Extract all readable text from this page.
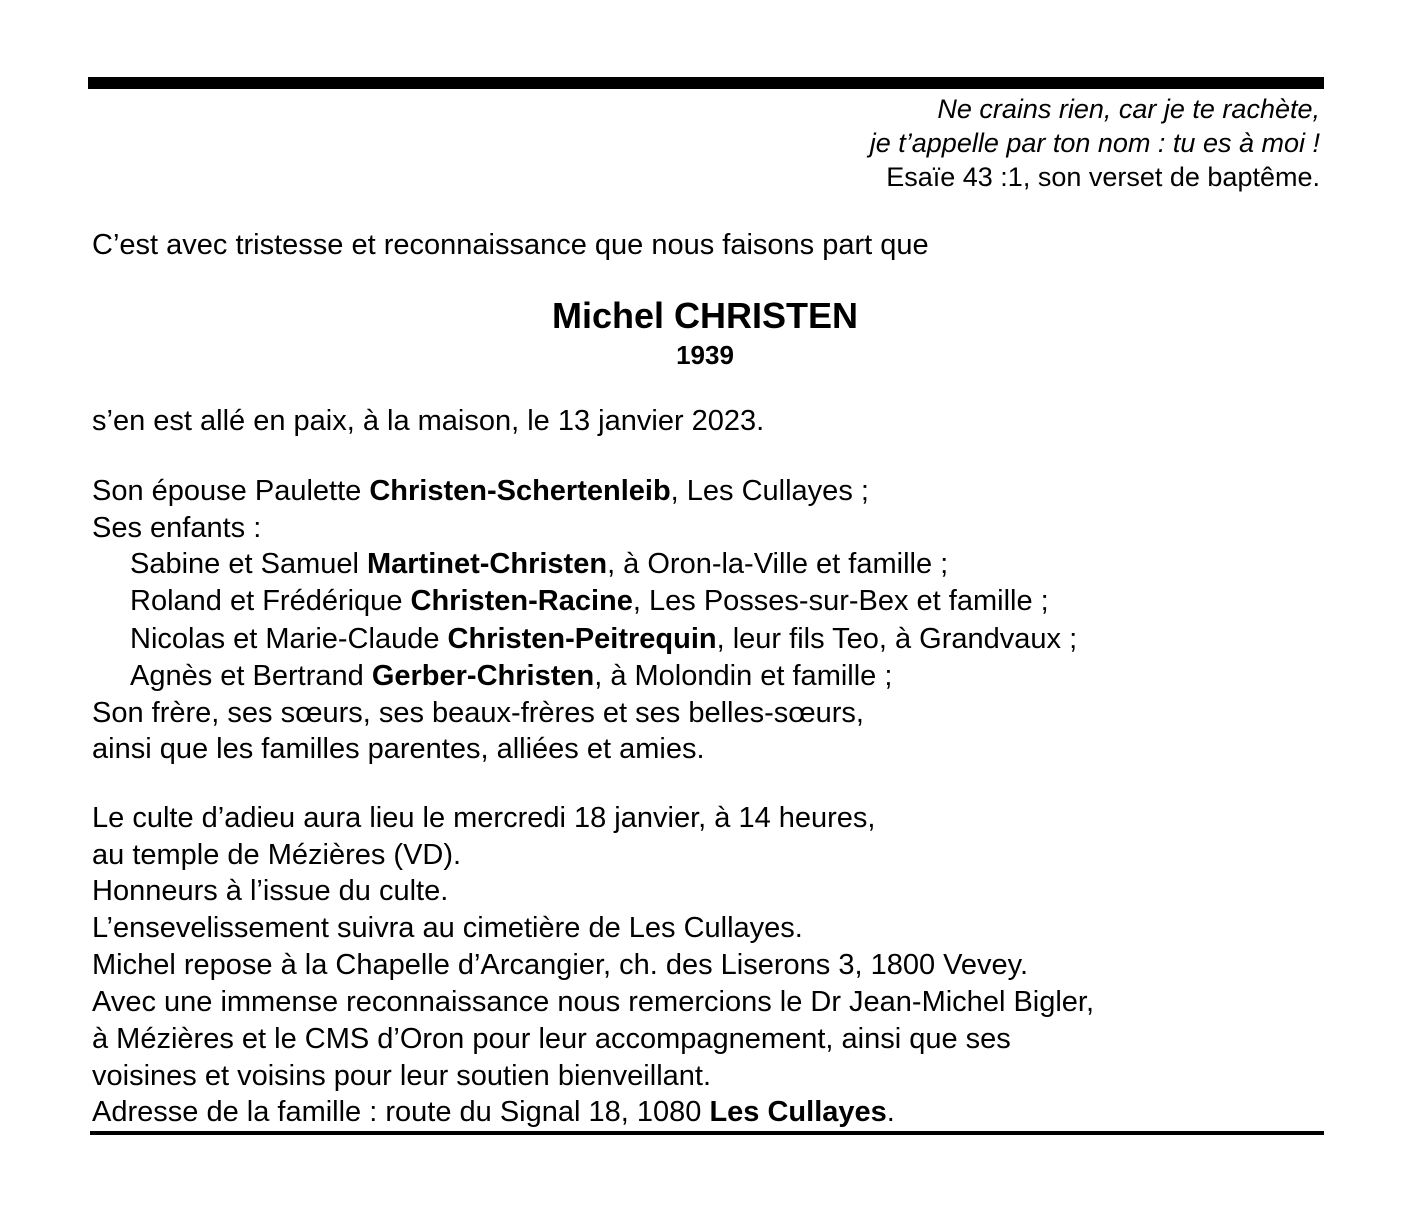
Ne crains rien, car je te rachète,
je t’appelle par ton nom : tu es à moi !
Esaïe 43 :1, son verset de baptême.
C’est avec tristesse et reconnaissance que nous faisons part que
Michel CHRISTEN
1939
s’en est allé en paix, à la maison, le 13 janvier 2023.
Son épouse Paulette Christen-Schertenleib, Les Cullayes ;
Ses enfants :
Sabine et Samuel Martinet-Christen, à Oron-la-Ville et famille ;
Roland et Frédérique Christen-Racine, Les Posses-sur-Bex et famille ;
Nicolas et Marie-Claude Christen-Peitrequin, leur fils Teo, à Grandvaux ;
Agnès et Bertrand Gerber-Christen, à Molondin et famille ;
Son frère, ses sœurs, ses beaux-frères et ses belles-sœurs,
ainsi que les familles parentes, alliées et amies.
Le culte d’adieu aura lieu le mercredi 18 janvier, à 14 heures,
au temple de Mézières (VD).
Honneurs à l’issue du culte.
L’ensevelissement suivra au cimetière de Les Cullayes.
Michel repose à la Chapelle d’Arcangier, ch. des Liserons 3, 1800 Vevey.
Avec une immense reconnaissance nous remercions le Dr Jean-Michel Bigler,
à Mézières et le CMS d’Oron pour leur accompagnement, ainsi que ses
voisines et voisins pour leur soutien bienveillant.
Adresse de la famille : route du Signal 18, 1080 Les Cullayes.
